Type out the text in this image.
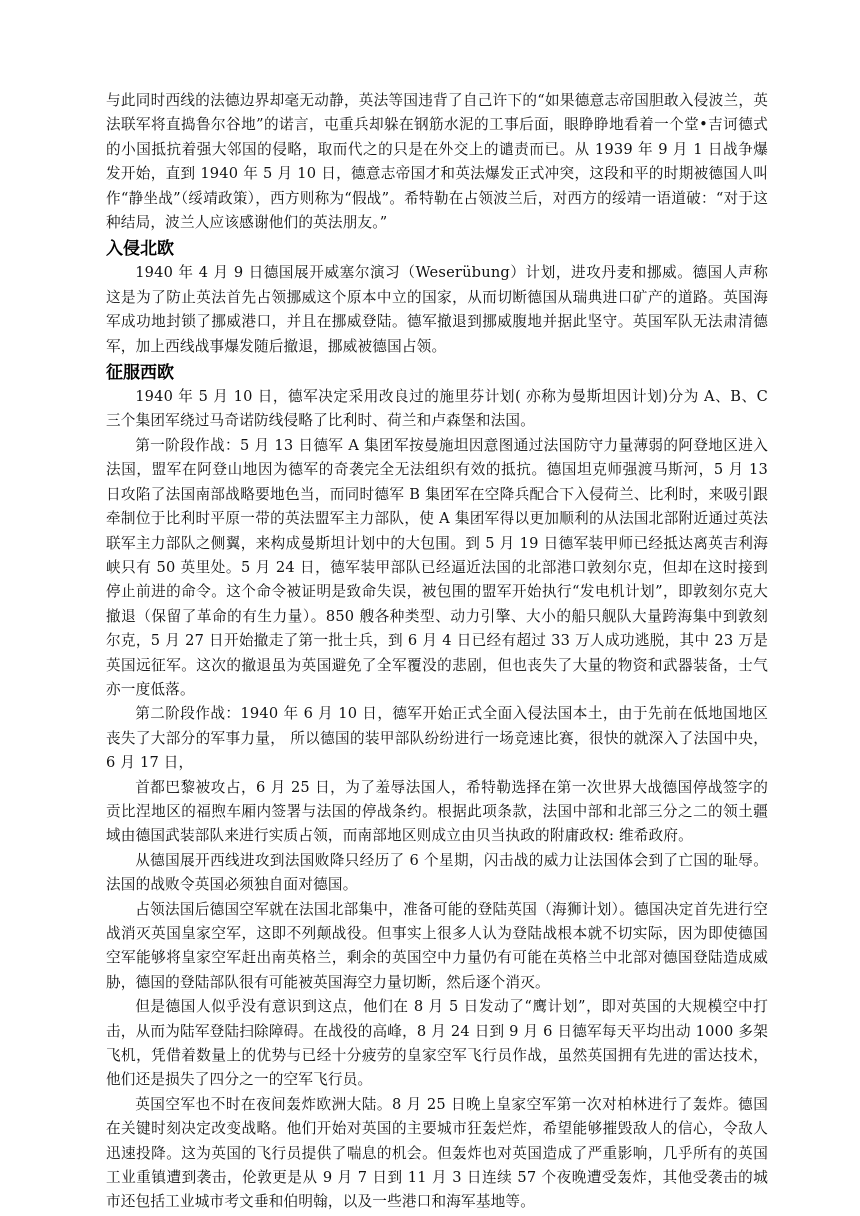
与此同时西线的法德边界却毫无动静，英法等国违背了自己许下的“如果德意志帝国胆敢入侵波兰，英法联军将直捣鲁尔谷地”的诺言，屯重兵却躲在钢筋水泥的工事后面，眼睁睁地看着一个堂•吉诃德式的小国抵抗着强大邻国的侵略，取而代之的只是在外交上的谴责而已。从 1939 年 9 月 1 日战争爆发开始，直到 1940 年 5 月 10 日，德意志帝国才和英法爆发正式冲突，这段和平的时期被德国人叫作“静坐战”（绥靖政策），西方则称为“假战”。希特勒在占领波兰后，对西方的绥靖一语道破：“对于这种结局，波兰人应该感谢他们的英法朋友。”

入侵北欧

1940 年 4 月 9 日德国展开威塞尔演习（Weserübung）计划，进攻丹麦和挪威。德国人声称这是为了防止英法首先占领挪威这个原本中立的国家，从而切断德国从瑞典进口矿产的道路。英国海军成功地封锁了挪威港口，并且在挪威登陆。德军撤退到挪威腹地并据此坚守。英国军队无法肃清德军，加上西线战事爆发随后撤退，挪威被德国占领。

征服西欧

1940 年 5 月 10 日，德军决定采用改良过的施里芬计划( 亦称为曼斯坦因计划)分为 A、B、C 三个集团军绕过马奇诺防线侵略了比利时、荷兰和卢森堡和法国。

第一阶段作战：5 月 13 日德军 A 集团军按曼施坦因意图通过法国防守力量薄弱的阿登地区进入法国，盟军在阿登山地因为德军的奇袭完全无法组织有效的抵抗。德国坦克师强渡马斯河，5 月 13 日攻陷了法国南部战略要地色当，而同时德军 B 集团军在空降兵配合下入侵荷兰、比利时，来吸引跟牵制位于比利时平原一带的英法盟军主力部队，使 A 集团军得以更加顺利的从法国北部附近通过英法联军主力部队之侧翼，来构成曼斯坦计划中的大包围。到 5 月 19 日德军装甲师已经抵达离英吉利海峡只有 50 英里处。5 月 24 日，德军装甲部队已经逼近法国的北部港口敦刻尔克，但却在这时接到停止前进的命令。这个命令被证明是致命失误，被包围的盟军开始执行“发电机计划”，即敦刻尔克大撤退（保留了革命的有生力量）。850 艘各种类型、动力引擎、大小的船只舰队大量跨海集中到敦刻尔克，5 月 27 日开始撤走了第一批士兵，到 6 月 4 日已经有超过 33 万人成功逃脱，其中 23 万是英国远征军。这次的撤退虽为英国避免了全军覆没的悲剧，但也丧失了大量的物资和武器装备，士气亦一度低落。

第二阶段作战：1940 年 6 月 10 日，德军开始正式全面入侵法国本土，由于先前在低地国地区丧失了大部分的军事力量， 所以德国的装甲部队纷纷进行一场竞速比赛，很快的就深入了法国中央，6 月 17 日，

首都巴黎被攻占，6 月 25 日，为了羞辱法国人，希特勒选择在第一次世界大战德国停战签字的贡比涅地区的福煦车厢内签署与法国的停战条约。根据此项条款，法国中部和北部三分之二的领土疆域由德国武装部队来进行实质占领，而南部地区则成立由贝当执政的附庸政权: 维希政府。

从德国展开西线进攻到法国败降只经历了 6 个星期，闪击战的威力让法国体会到了亡国的耻辱。法国的战败令英国必须独自面对德国。

占领法国后德国空军就在法国北部集中，准备可能的登陆英国（海狮计划）。德国决定首先进行空战消灭英国皇家空军，这即不列颠战役。但事实上很多人认为登陆战根本就不切实际，因为即使德国空军能够将皇家空军赶出南英格兰，剩余的英国空中力量仍有可能在英格兰中北部对德国登陆造成威胁，德国的登陆部队很有可能被英国海空力量切断，然后逐个消灭。

但是德国人似乎没有意识到这点，他们在 8 月 5 日发动了“鹰计划”，即对英国的大规模空中打击，从而为陆军登陆扫除障碍。在战役的高峰，8 月 24 日到 9 月 6 日德军每天平均出动 1000 多架飞机，凭借着数量上的优势与已经十分疲劳的皇家空军飞行员作战，虽然英国拥有先进的雷达技术，他们还是损失了四分之一的空军飞行员。

英国空军也不时在夜间轰炸欧洲大陆。8 月 25 日晚上皇家空军第一次对柏林进行了轰炸。德国在关键时刻决定改变战略。他们开始对英国的主要城市狂轰烂炸，希望能够摧毁敌人的信心，令敌人迅速投降。这为英国的飞行员提供了喘息的机会。但轰炸也对英国造成了严重影响，几乎所有的英国工业重镇遭到袭击，伦敦更是从 9 月 7 日到 11 月 3 日连续 57 个夜晚遭受轰炸，其他受袭击的城市还包括工业城市考文垂和伯明翰，以及一些港口和海军基地等。
